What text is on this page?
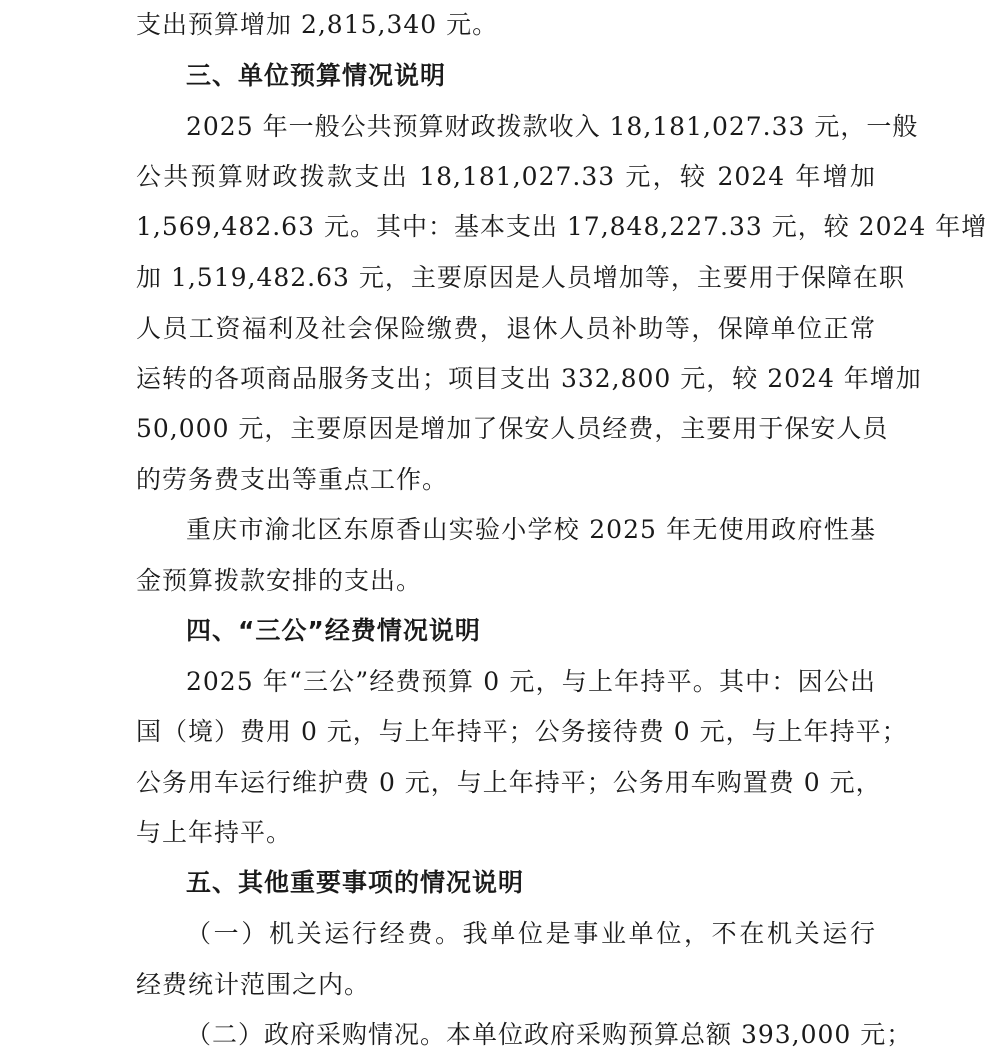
支出预算增加 2,815,340 元。
三、单位预算情况说明
2025 年一般公共预算财政拨款收入 18,181,027.33 元，一般
公共预算财政拨款支出 18,181,027.33 元，较 2024 年增加
1,569,482.63 元。其中：基本支出 17,848,227.33 元，较 2024 年增
加 1,519,482.63 元，主要原因是人员增加等，主要用于保障在职
人员工资福利及社会保险缴费，退休人员补助等，保障单位正常
运转的各项商品服务支出；项目支出 332,800 元，较 2024 年增加
50,000 元，主要原因是增加了保安人员经费，主要用于保安人员
的劳务费支出等重点工作。
重庆市渝北区东原香山实验小学校 2025 年无使用政府性基
金预算拨款安排的支出。
四、“三公”经费情况说明
2025 年“三公”经费预算 0 元，与上年持平。其中：因公出
国（境）费用 0 元，与上年持平；公务接待费 0 元，与上年持平；
公务用车运行维护费 0 元，与上年持平；公务用车购置费 0 元，
与上年持平。
五、其他重要事项的情况说明
（一）机关运行经费。我单位是事业单位，不在机关运行
经费统计范围之内。
（二）政府采购情况。本单位政府采购预算总额 393,000 元；
